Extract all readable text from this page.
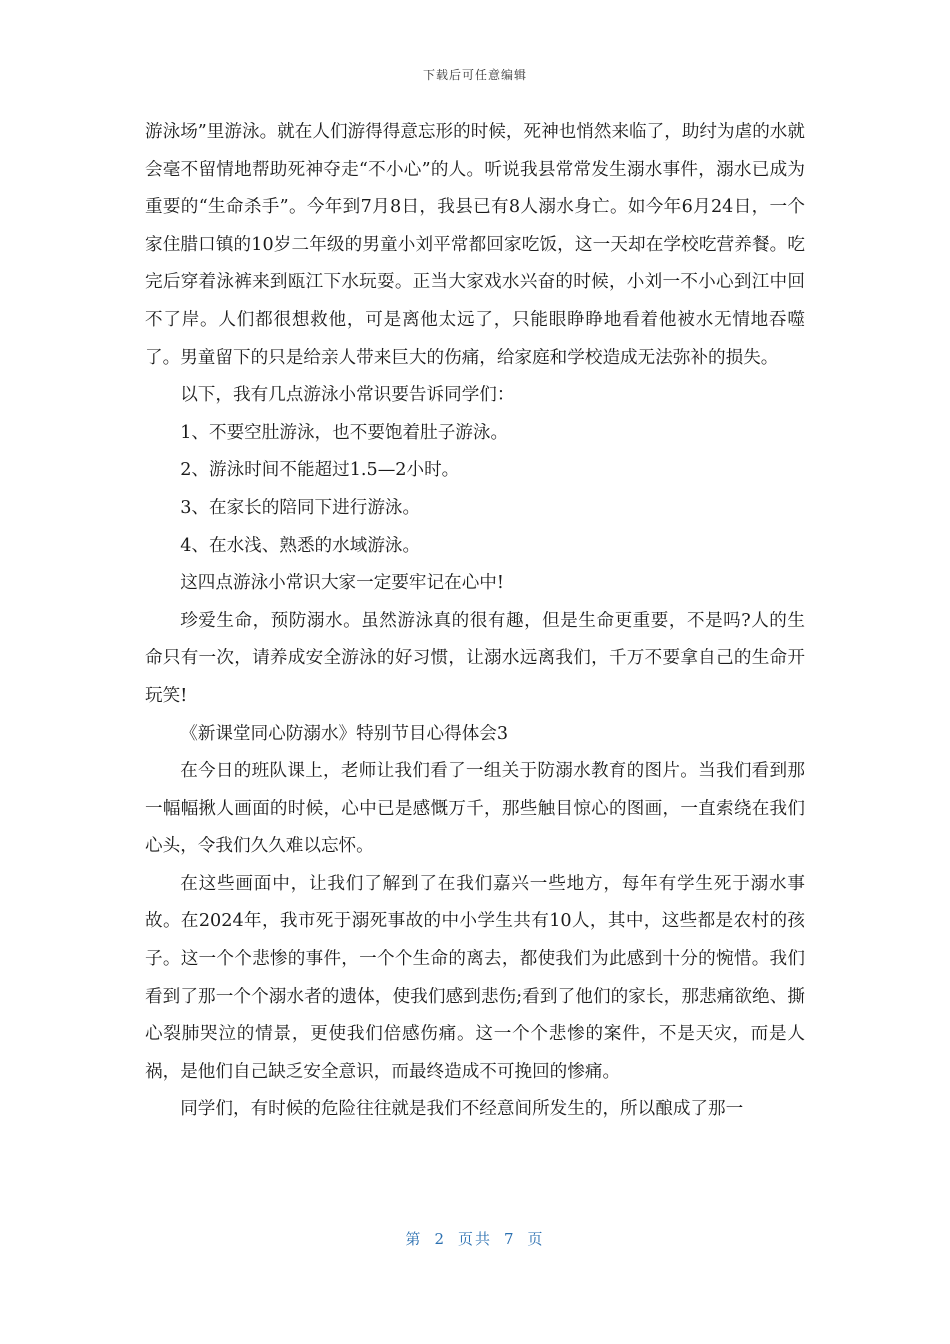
下载后可任意编辑

游泳场”里游泳。就在人们游得得意忘形的时候，死神也悄然来临了，助纣为虐的水就会毫不留情地帮助死神夺走“不小心”的人。听说我县常常发生溺水事件，溺水已成为重要的“生命杀手”。今年到7月8日，我县已有8人溺水身亡。如今年6月24日，一个家住腊口镇的10岁二年级的男童小刘平常都回家吃饭，这一天却在学校吃营养餐。吃完后穿着泳裤来到瓯江下水玩耍。正当大家戏水兴奋的时候，小刘一不小心到江中回不了岸。人们都很想救他，可是离他太远了，只能眼睁睁地看着他被水无情地吞噬了。男童留下的只是给亲人带来巨大的伤痛，给家庭和学校造成无法弥补的损失。

以下，我有几点游泳小常识要告诉同学们：

1、不要空肚游泳，也不要饱着肚子游泳。

2、游泳时间不能超过1.5—2小时。

3、在家长的陪同下进行游泳。

4、在水浅、熟悉的水域游泳。

这四点游泳小常识大家一定要牢记在心中!

珍爱生命，预防溺水。虽然游泳真的很有趣，但是生命更重要，不是吗?人的生命只有一次，请养成安全游泳的好习惯，让溺水远离我们，千万不要拿自己的生命开玩笑!

《新课堂同心防溺水》特别节目心得体会3

在今日的班队课上，老师让我们看了一组关于防溺水教育的图片。当我们看到那一幅幅揪人画面的时候，心中已是感慨万千，那些触目惊心的图画，一直索绕在我们心头，令我们久久难以忘怀。

在这些画面中，让我们了解到了在我们嘉兴一些地方，每年有学生死于溺水事故。在2024年，我市死于溺死事故的中小学生共有10人，其中，这些都是农村的孩子。这一个个悲惨的事件，一个个生命的离去，都使我们为此感到十分的惋惜。我们看到了那一个个溺水者的遗体，使我们感到悲伤;看到了他们的家长，那悲痛欲绝、撕心裂肺哭泣的情景，更使我们倍感伤痛。这一个个悲惨的案件，不是天灾，而是人祸，是他们自己缺乏安全意识，而最终造成不可挽回的惨痛。

同学们，有时候的危险往往就是我们不经意间所发生的，所以酿成了那一

第 2 页共 7 页
